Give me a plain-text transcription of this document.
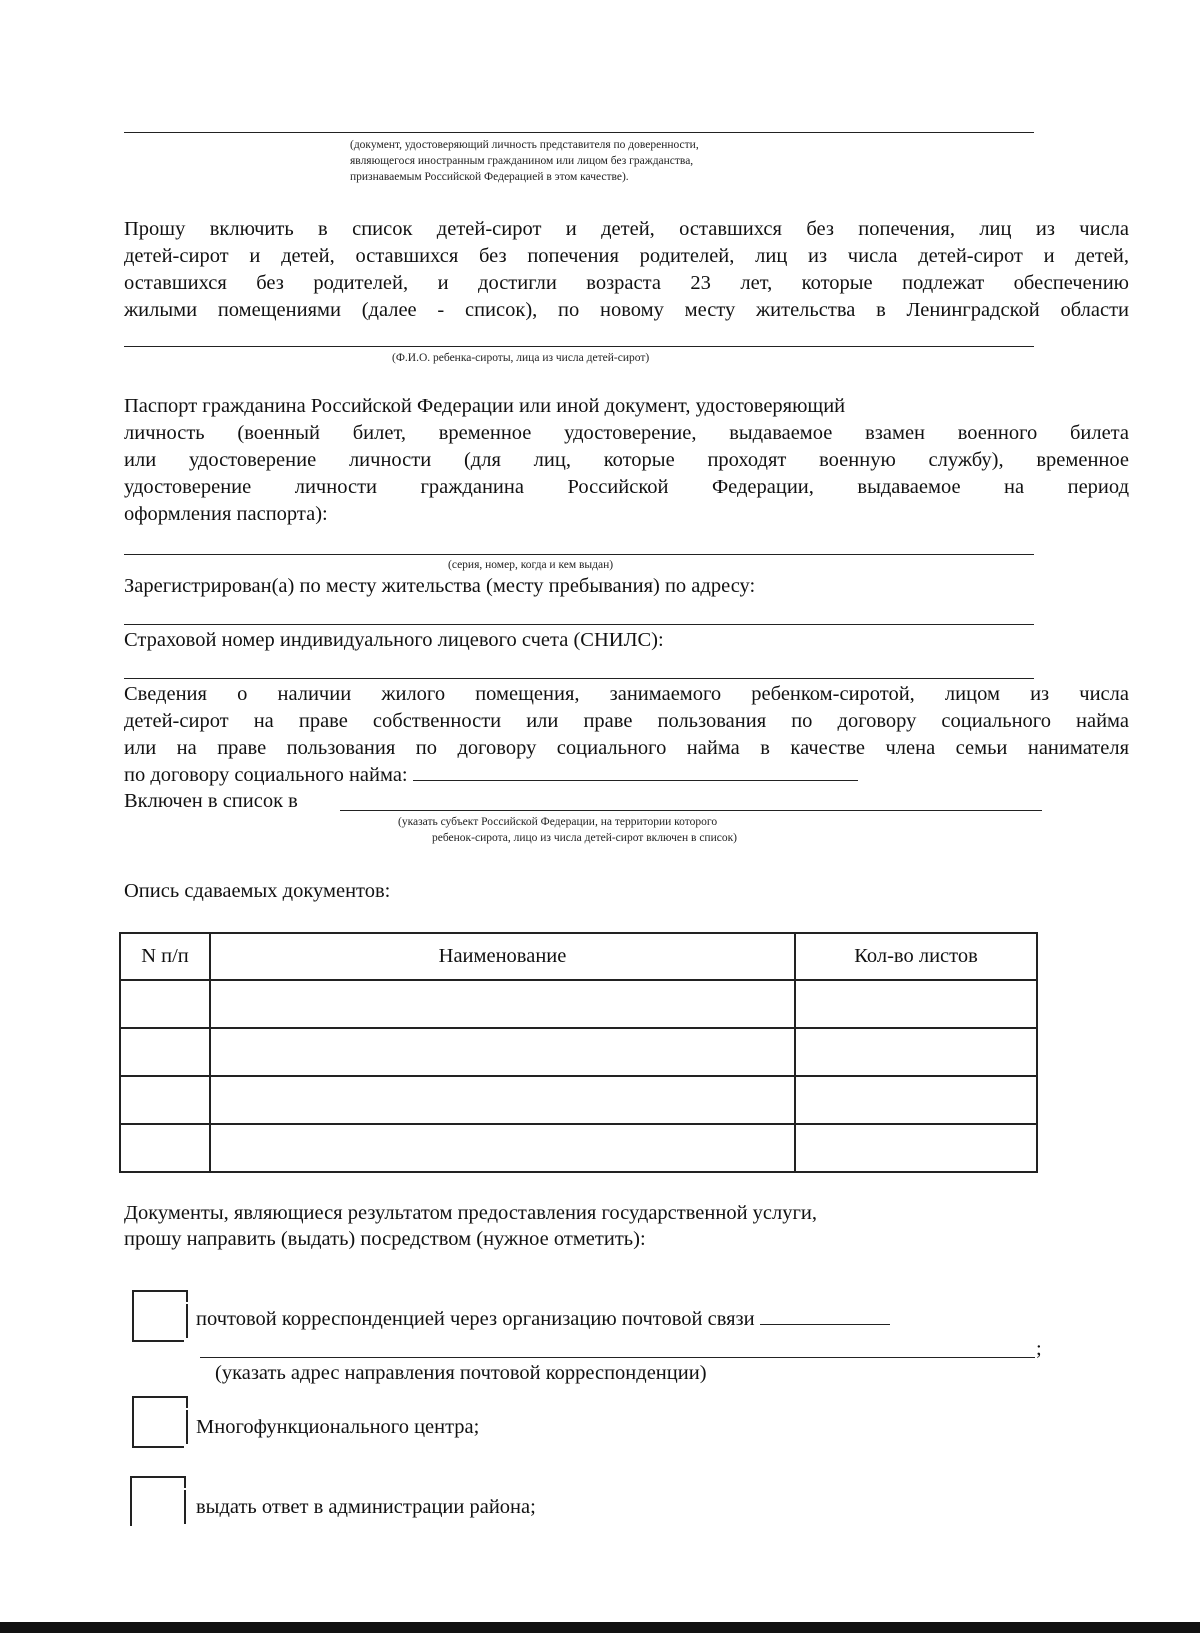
(документ, удостоверяющий личность представителя по доверенности,
являющегося иностранным гражданином или лицом без гражданства,
признаваемым Российской Федерацией в этом качестве).
Прошу включить в список детей-сирот и детей, оставшихся без попечения, лиц из числа
детей-сирот и детей, оставшихся без попечения родителей, лиц из числа детей-сирот и детей,
оставшихся без родителей, и достигли возраста 23 лет, которые подлежат обеспечению
жилыми помещениями (далее - список), по новому месту жительства в Ленинградской области
(Ф.И.О. ребенка-сироты, лица из числа детей-сирот)
Паспорт гражданина Российской Федерации или иной документ, удостоверяющий
личность (военный билет, временное удостоверение, выдаваемое взамен военного билета
или удостоверение личности (для лиц, которые проходят военную службу), временное
удостоверение личности гражданина Российской Федерации, выдаваемое на период
оформления паспорта):
(серия, номер, когда и кем выдан)
Зарегистрирован(а) по месту жительства (месту пребывания) по адресу:
Страховой номер индивидуального лицевого счета (СНИЛС):
Сведения о наличии жилого помещения, занимаемого ребенком-сиротой, лицом из числа
детей-сирот на праве собственности или праве пользования по договору социального найма
или на праве пользования по договору социального найма в качестве члена семьи нанимателя
по договору социального найма:
Включен в список в
(указать субъект Российской Федерации, на территории которого
ребенок-сирота, лицо из числа детей-сирот включен в список)
Опись сдаваемых документов:
N п/п	Наименование	Кол-во листов

Документы, являющиеся результатом предоставления государственной услуги,
прошу направить (выдать) посредством (нужное отметить):
почтовой корреспонденцией через организацию почтовой связи
;
(указать адрес направления почтовой корреспонденции)
Многофункционального центра;
выдать ответ в администрации района;
